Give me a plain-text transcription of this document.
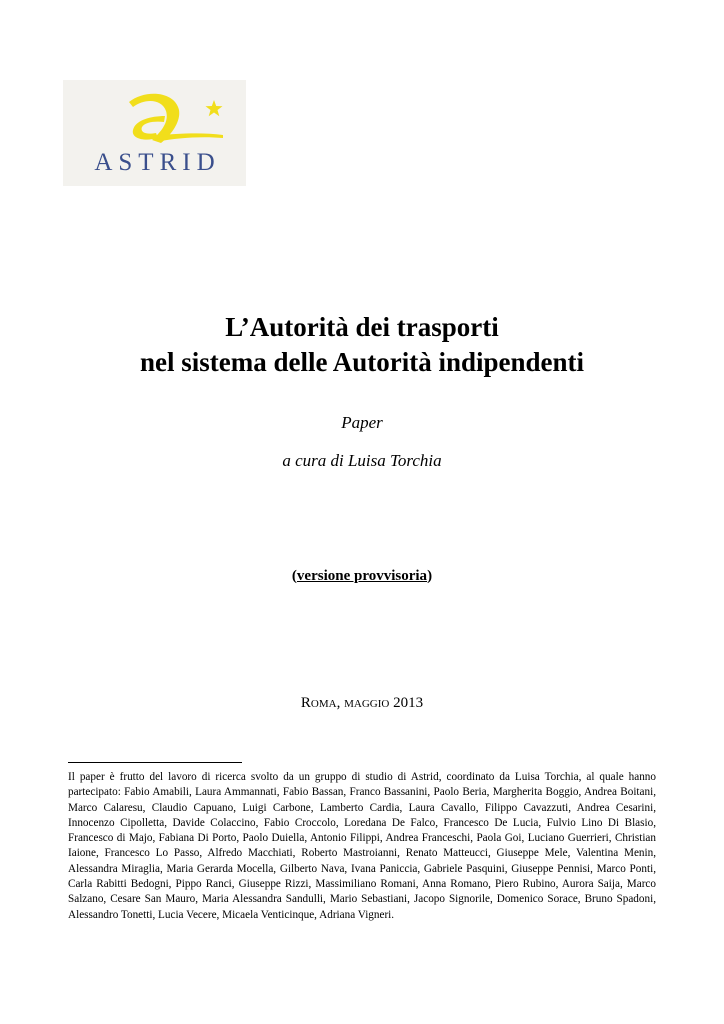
ASTRID
L’Autorità dei trasporti
nel sistema delle Autorità indipendenti
Paper
a cura di Luisa Torchia
(versione provvisoria)
Roma, maggio 2013
Il paper è frutto del lavoro di ricerca svolto da un gruppo di studio di Astrid, coordinato da Luisa Torchia, al quale hanno partecipato: Fabio Amabili, Laura Ammannati, Fabio Bassan, Franco Bassanini, Paolo Beria, Margherita Boggio, Andrea Boitani, Marco Calaresu, Claudio Capuano, Luigi Carbone, Lamberto Cardia, Laura Cavallo, Filippo Cavazzuti, Andrea Cesarini, Innocenzo Cipolletta, Davide Colaccino, Fabio Croccolo, Loredana De Falco, Francesco De Lucia, Fulvio Lino Di Blasio, Francesco di Majo, Fabiana Di Porto, Paolo Duiella, Antonio Filippi, Andrea Franceschi, Paola Goi, Luciano Guerrieri, Christian Iaione, Francesco Lo Passo, Alfredo Macchiati, Roberto Mastroianni, Renato Matteucci, Giuseppe Mele, Valentina Menin, Alessandra Miraglia, Maria Gerarda Mocella, Gilberto Nava, Ivana Paniccia, Gabriele Pasquini, Giuseppe Pennisi, Marco Ponti, Carla Rabitti Bedogni, Pippo Ranci, Giuseppe Rizzi, Massimiliano Romani, Anna Romano, Piero Rubino, Aurora Saija, Marco Salzano, Cesare San Mauro, Maria Alessandra Sandulli, Mario Sebastiani, Jacopo Signorile, Domenico Sorace, Bruno Spadoni, Alessandro Tonetti, Lucia Vecere, Micaela Venticinque, Adriana Vigneri.
